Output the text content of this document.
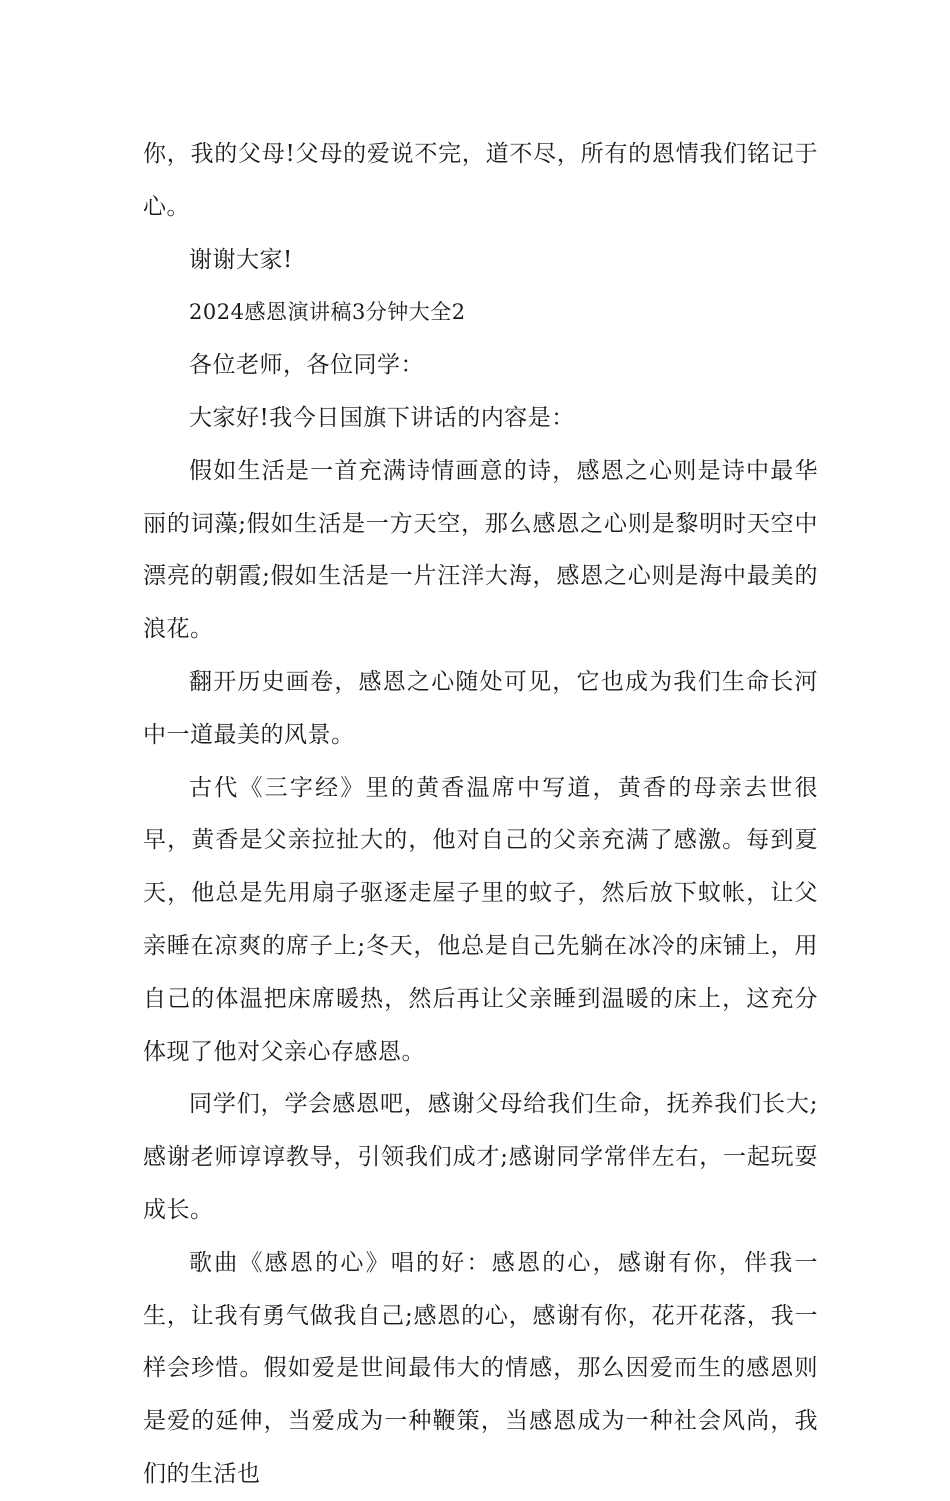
你，我的父母!父母的爱说不完，道不尽，所有的恩情我们铭记于心。

谢谢大家!

2024感恩演讲稿3分钟大全2

各位老师，各位同学：

大家好!我今日国旗下讲话的内容是：

假如生活是一首充满诗情画意的诗，感恩之心则是诗中最华丽的词藻;假如生活是一方天空，那么感恩之心则是黎明时天空中漂亮的朝霞;假如生活是一片汪洋大海，感恩之心则是海中最美的浪花。

翻开历史画卷，感恩之心随处可见，它也成为我们生命长河中一道最美的风景。

古代《三字经》里的黄香温席中写道，黄香的母亲去世很早，黄香是父亲拉扯大的，他对自己的父亲充满了感激。每到夏天，他总是先用扇子驱逐走屋子里的蚊子，然后放下蚊帐，让父亲睡在凉爽的席子上;冬天，他总是自己先躺在冰冷的床铺上，用自己的体温把床席暖热，然后再让父亲睡到温暖的床上，这充分体现了他对父亲心存感恩。

同学们，学会感恩吧，感谢父母给我们生命，抚养我们长大;感谢老师谆谆教导，引领我们成才;感谢同学常伴左右，一起玩耍成长。

歌曲《感恩的心》唱的好：感恩的心，感谢有你，伴我一生，让我有勇气做我自己;感恩的心，感谢有你，花开花落，我一样会珍惜。假如爱是世间最伟大的情感，那么因爱而生的感恩则是爱的延伸，当爱成为一种鞭策，当感恩成为一种社会风尚，我们的生活也
